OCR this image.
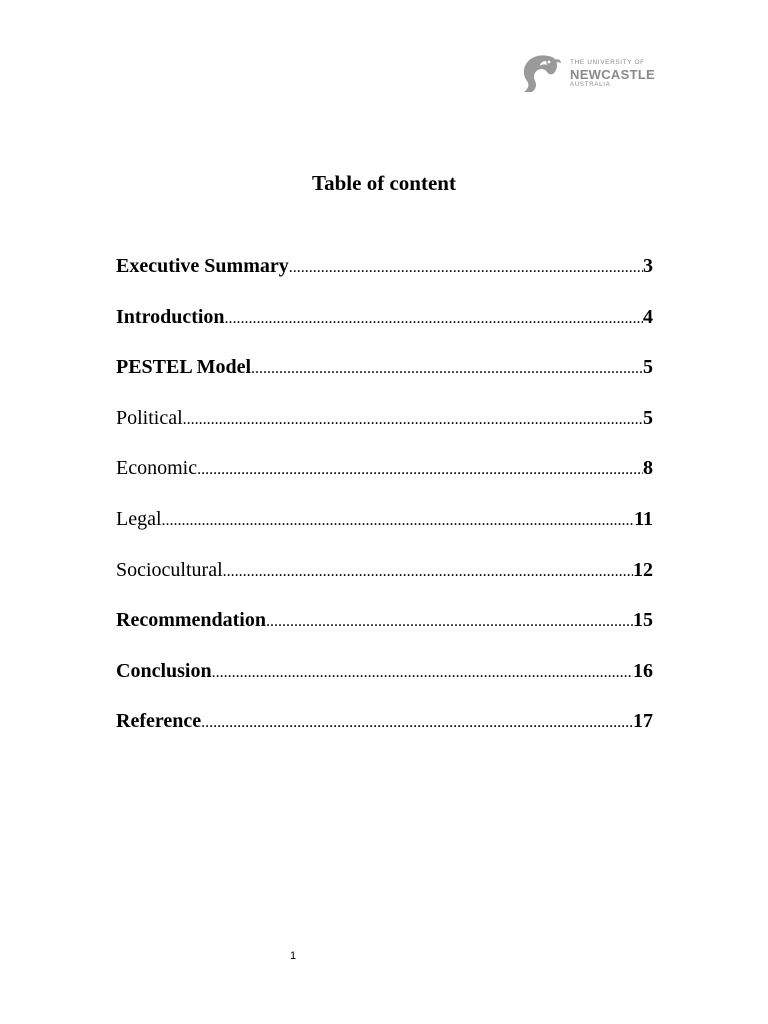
THE UNIVERSITY OF
NEWCASTLE
AUSTRALIA
Table of content
Executive Summary .....	3
Introduction .....	4
PESTEL Model .....	5
Political .....	5
Economic .....	8
Legal .....	11
Sociocultural .....	12
Recommendation .....	15
Conclusion .....	16
Reference .....	17
1
